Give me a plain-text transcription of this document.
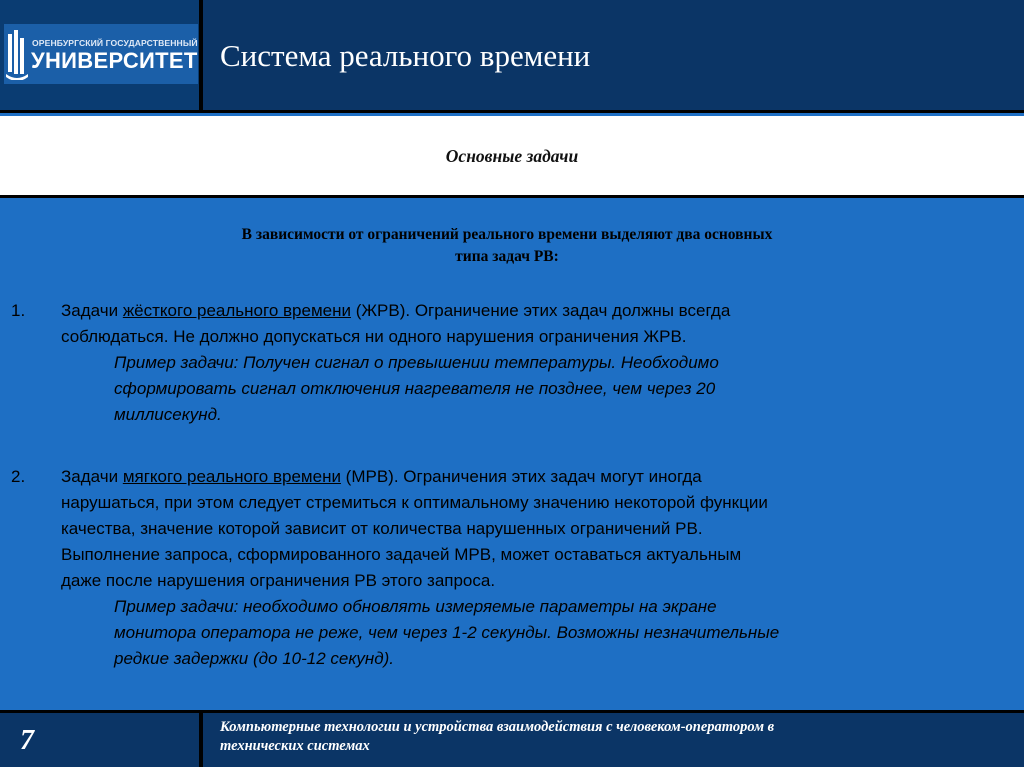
ОРЕНБУРГСКИЙ ГОСУДАРСТВЕННЫЙ
УНИВЕРСИТЕТ Система реального времени
Основные задачи
В зависимости от ограничений реального времени выделяют два основных
типа задач РВ:
1. Задачи жёсткого реального времени (ЖРВ). Ограничение этих задач должны всегда
соблюдаться. Не должно допускаться ни одного нарушения ограничения ЖРВ.
Пример задачи: Получен сигнал о превышении температуры. Необходимо
сформировать сигнал отключения нагревателя не позднее, чем через 20
миллисекунд.
2. Задачи мягкого реального времени (МРВ). Ограничения этих задач могут иногда
нарушаться, при этом следует стремиться к оптимальному значению некоторой функции
качества, значение которой зависит от количества нарушенных ограничений РВ.
Выполнение запроса, сформированного задачей МРВ, может оставаться актуальным
даже после нарушения ограничения РВ этого запроса.
Пример задачи: необходимо обновлять измеряемые параметры на экране
монитора оператора не реже, чем через 1-2 секунды. Возможны незначительные
редкие задержки (до 10-12 секунд).
7	Компьютерные технологии и устройства взаимодействия с человеком-оператором в
технических системах
